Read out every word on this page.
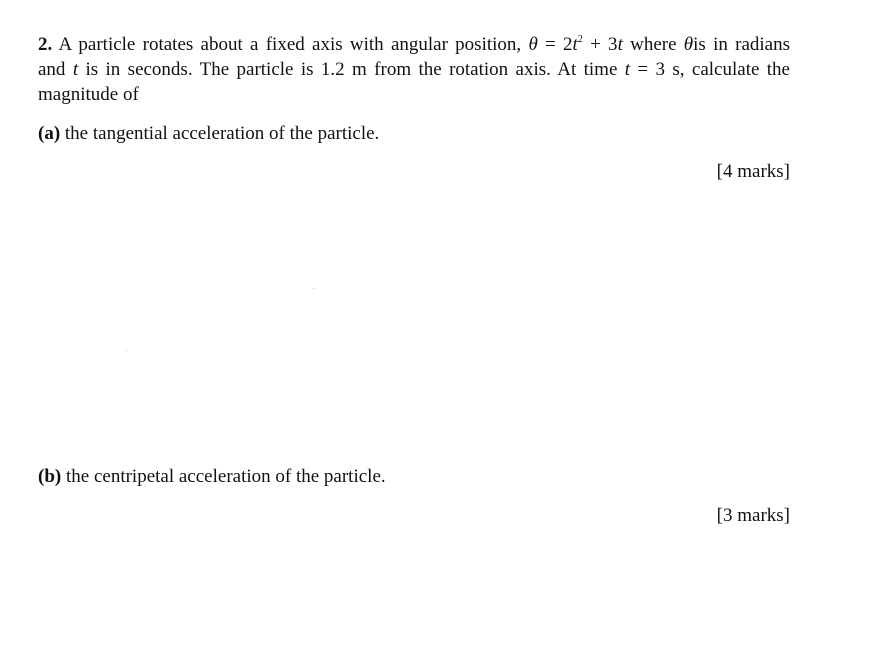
2. A particle rotates about a fixed axis with angular position, $\theta = 2t^2 + 3t$ where θis in radians
and t is in seconds. The particle is 1.2 m from the rotation axis. At time t = 3 s, calculate the
magnitude of
(a) the tangential acceleration of the particle.
[4 marks]
(b) the centripetal acceleration of the particle.
[3 marks]
